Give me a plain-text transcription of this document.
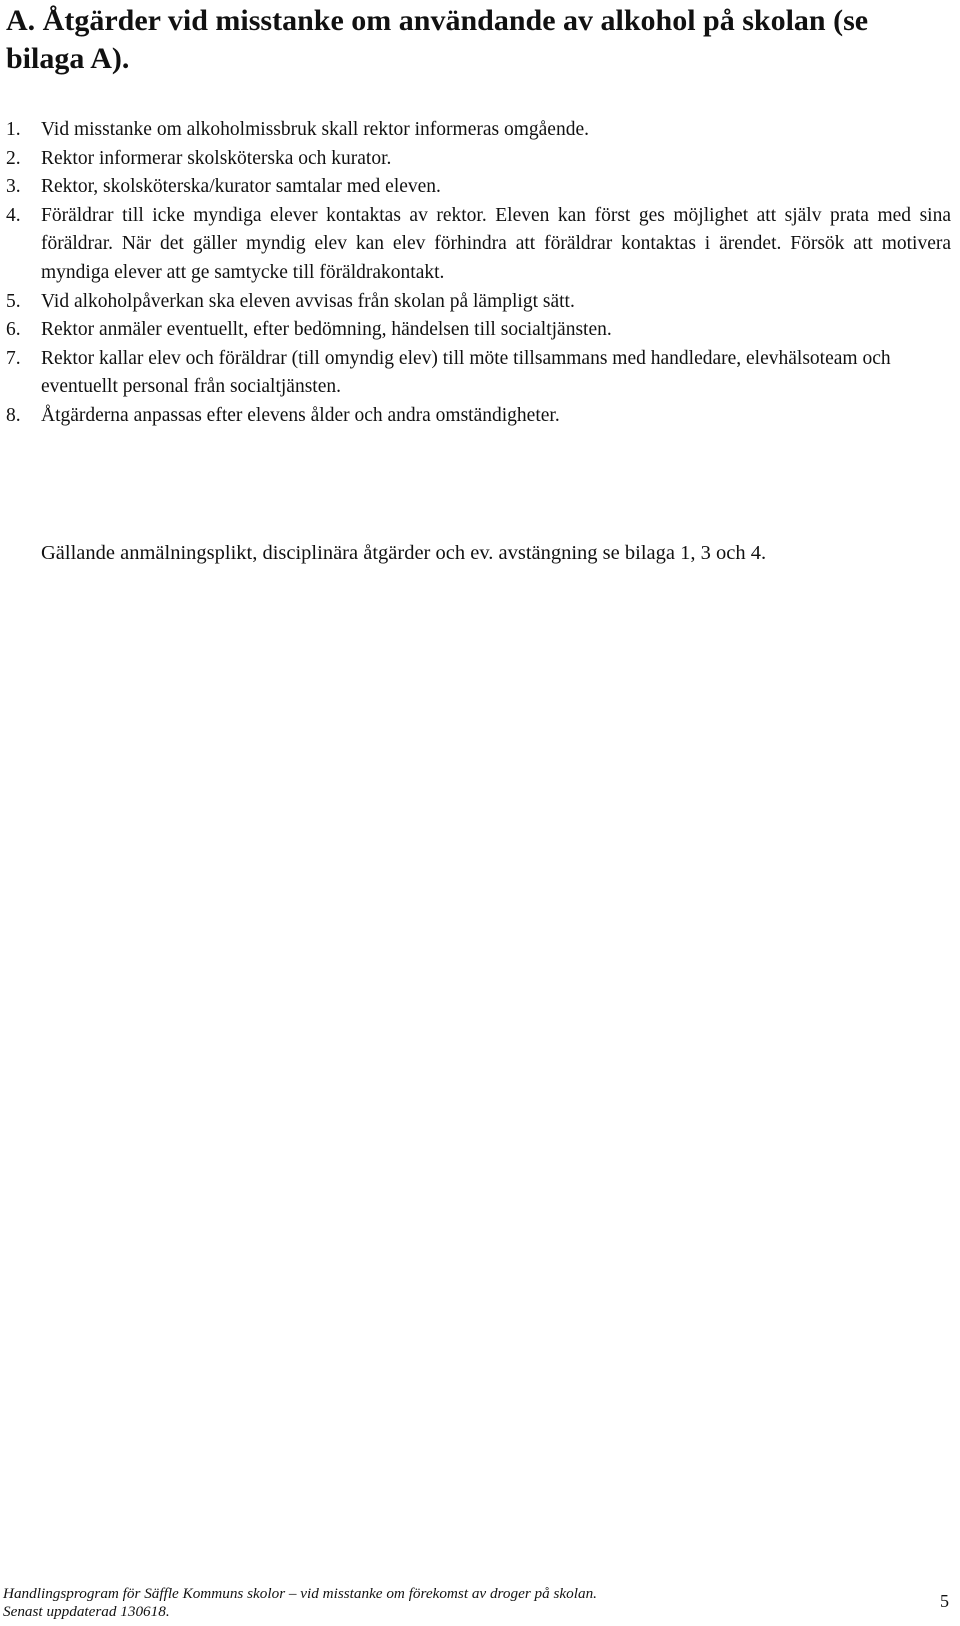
A. Åtgärder vid misstanke om användande av alkohol på skolan (se bilaga A).
1.	Vid misstanke om alkoholmissbruk skall rektor informeras omgående.
2.	Rektor informerar skolsköterska och kurator.
3.	Rektor, skolsköterska/kurator samtalar med eleven.
4.	Föräldrar till icke myndiga elever kontaktas av rektor. Eleven kan först ges möjlighet att själv prata med sina föräldrar. När det gäller myndig elev kan elev förhindra att föräldrar kontaktas i ärendet. Försök att motivera myndiga elever att ge samtycke till föräldrakontakt.
5.	Vid alkoholpåverkan ska eleven avvisas från skolan på lämpligt sätt.
6.	Rektor anmäler eventuellt, efter bedömning, händelsen till socialtjänsten.
7.	Rektor kallar elev och föräldrar (till omyndig elev) till möte tillsammans med handledare, elevhälsoteam och eventuellt personal från socialtjänsten.
8.	Åtgärderna anpassas efter elevens ålder och andra omständigheter.

Gällande anmälningsplikt, disciplinära åtgärder och ev. avstängning se bilaga 1, 3 och 4.

Handlingsprogram för Säffle Kommuns skolor – vid misstanke om förekomst av droger på skolan.
Senast uppdaterad 130618.
5
